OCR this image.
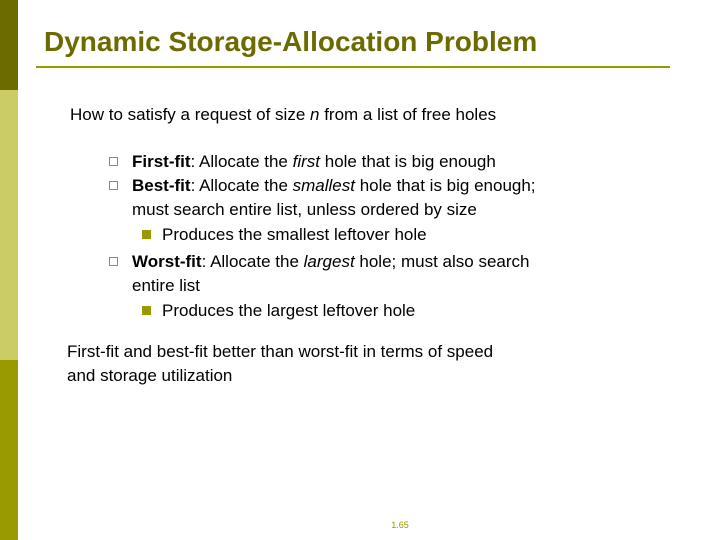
Dynamic Storage-Allocation Problem
How to satisfy a request of size n from a list of free holes
First-fit: Allocate the first hole that is big enough
Best-fit: Allocate the smallest hole that is big enough;
must search entire list, unless ordered by size
Produces the smallest leftover hole
Worst-fit: Allocate the largest hole; must also search
entire list
Produces the largest leftover hole
First-fit and best-fit better than worst-fit in terms of speed
and storage utilization
1.65
